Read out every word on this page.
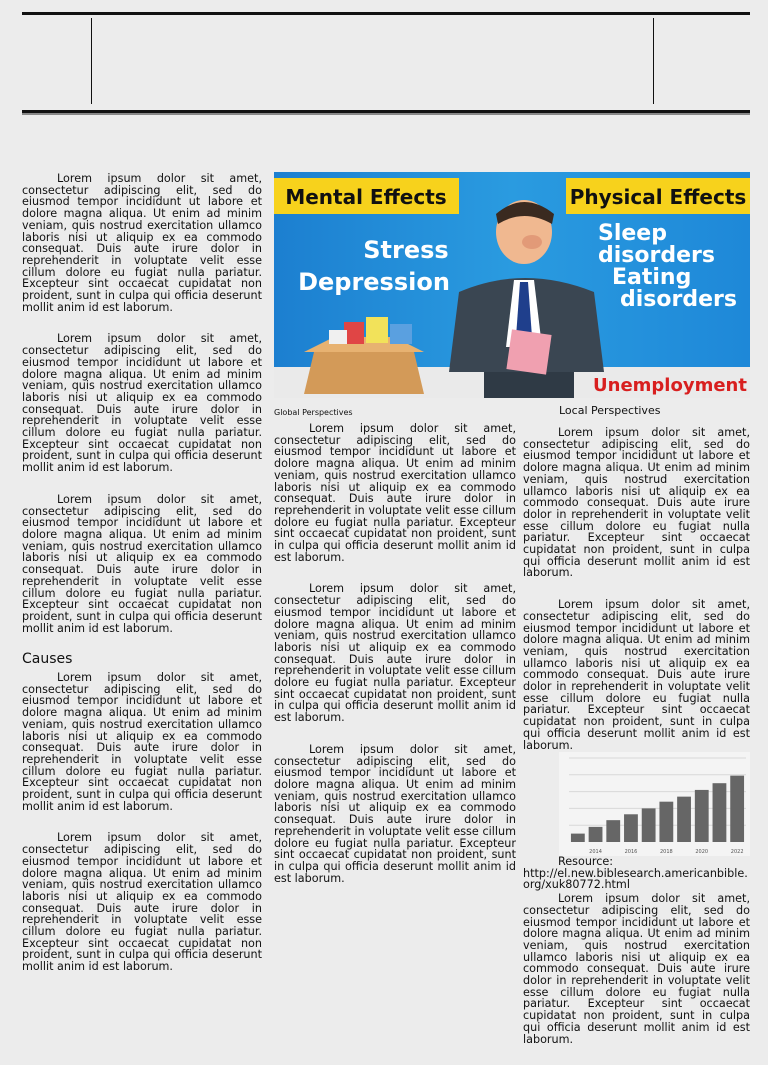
Lorem ipsum dolor sit amet, consectetur adipiscing elit, sed do eiusmod tempor incididunt ut labore et dolore magna aliqua. Ut enim ad minim veniam, quis nostrud exercitation ullamco laboris nisi ut aliquip ex ea commodo consequat. Duis aute irure dolor in reprehenderit in voluptate velit esse cillum dolore eu fugiat nulla pariatur. Excepteur sint occaecat cupidatat non proident, sunt in culpa qui officia deserunt mollit anim id est laborum.

Lorem ipsum dolor sit amet, consectetur adipiscing elit, sed do eiusmod tempor incididunt ut labore et dolore magna aliqua. Ut enim ad minim veniam, quis nostrud exercitation ullamco laboris nisi ut aliquip ex ea commodo consequat. Duis aute irure dolor in reprehenderit in voluptate velit esse cillum dolore eu fugiat nulla pariatur. Excepteur sint occaecat cupidatat non proident, sunt in culpa qui officia deserunt mollit anim id est laborum.

Lorem ipsum dolor sit amet, consectetur adipiscing elit, sed do eiusmod tempor incididunt ut labore et dolore magna aliqua. Ut enim ad minim veniam, quis nostrud exercitation ullamco laboris nisi ut aliquip ex ea commodo consequat. Duis aute irure dolor in reprehenderit in voluptate velit esse cillum dolore eu fugiat nulla pariatur. Excepteur sint occaecat cupidatat non proident, sunt in culpa qui officia deserunt mollit anim id est laborum.

Causes

Lorem ipsum dolor sit amet, consectetur adipiscing elit, sed do eiusmod tempor incididunt ut labore et dolore magna aliqua. Ut enim ad minim veniam, quis nostrud exercitation ullamco laboris nisi ut aliquip ex ea commodo consequat. Duis aute irure dolor in reprehenderit in voluptate velit esse cillum dolore eu fugiat nulla pariatur. Excepteur sint occaecat cupidatat non proident, sunt in culpa qui officia deserunt mollit anim id est laborum.

Lorem ipsum dolor sit amet, consectetur adipiscing elit, sed do eiusmod tempor incididunt ut labore et dolore magna aliqua. Ut enim ad minim veniam, quis nostrud exercitation ullamco laboris nisi ut aliquip ex ea commodo consequat. Duis aute irure dolor in reprehenderit in voluptate velit esse cillum dolore eu fugiat nulla pariatur. Excepteur sint occaecat cupidatat non proident, sunt in culpa qui officia deserunt mollit anim id est laborum.

Mental Effects	Physical Effects
Stress
Depression
Sleep
disorders
Eating
disorders
Unemployment
Global Perspectives	Local Perspectives

Lorem ipsum dolor sit amet, consectetur adipiscing elit, sed do eiusmod tempor incididunt ut labore et dolore magna aliqua. Ut enim ad minim veniam, quis nostrud exercitation ullamco laboris nisi ut aliquip ex ea commodo consequat. Duis aute irure dolor in reprehenderit in voluptate velit esse cillum dolore eu fugiat nulla pariatur. Excepteur sint occaecat cupidatat non proident, sunt in culpa qui officia deserunt mollit anim id est laborum.

Lorem ipsum dolor sit amet, consectetur adipiscing elit, sed do eiusmod tempor incididunt ut labore et dolore magna aliqua. Ut enim ad minim veniam, quis nostrud exercitation ullamco laboris nisi ut aliquip ex ea commodo consequat. Duis aute irure dolor in reprehenderit in voluptate velit esse cillum dolore eu fugiat nulla pariatur. Excepteur sint occaecat cupidatat non proident, sunt in culpa qui officia deserunt mollit anim id est laborum.

Lorem ipsum dolor sit amet, consectetur adipiscing elit, sed do eiusmod tempor incididunt ut labore et dolore magna aliqua. Ut enim ad minim veniam, quis nostrud exercitation ullamco laboris nisi ut aliquip ex ea commodo consequat. Duis aute irure dolor in reprehenderit in voluptate velit esse cillum dolore eu fugiat nulla pariatur. Excepteur sint occaecat cupidatat non proident, sunt in culpa qui officia deserunt mollit anim id est laborum.

Lorem ipsum dolor sit amet, consectetur adipiscing elit, sed do eiusmod tempor incididunt ut labore et dolore magna aliqua. Ut enim ad minim veniam, quis nostrud exercitation ullamco laboris nisi ut aliquip ex ea commodo consequat. Duis aute irure dolor in reprehenderit in voluptate velit esse cillum dolore eu fugiat nulla pariatur. Excepteur sint occaecat cupidatat non proident, sunt in culpa qui officia deserunt mollit anim id est laborum.

Lorem ipsum dolor sit amet, consectetur adipiscing elit, sed do eiusmod tempor incididunt ut labore et dolore magna aliqua. Ut enim ad minim veniam, quis nostrud exercitation ullamco laboris nisi ut aliquip ex ea commodo consequat. Duis aute irure dolor in reprehenderit in voluptate velit esse cillum dolore eu fugiat nulla pariatur. Excepteur sint occaecat cupidatat non proident, sunt in culpa qui officia deserunt mollit anim id est laborum.

2014	2016	2018	2020	2022

Resource:
http://el.new.biblesearch.americanbible.org/xuk80772.html

Lorem ipsum dolor sit amet, consectetur adipiscing elit, sed do eiusmod tempor incididunt ut labore et dolore magna aliqua. Ut enim ad minim veniam, quis nostrud exercitation ullamco laboris nisi ut aliquip ex ea commodo consequat. Duis aute irure dolor in reprehenderit in voluptate velit esse cillum dolore eu fugiat nulla pariatur. Excepteur sint occaecat cupidatat non proident, sunt in culpa qui officia deserunt mollit anim id est laborum.
